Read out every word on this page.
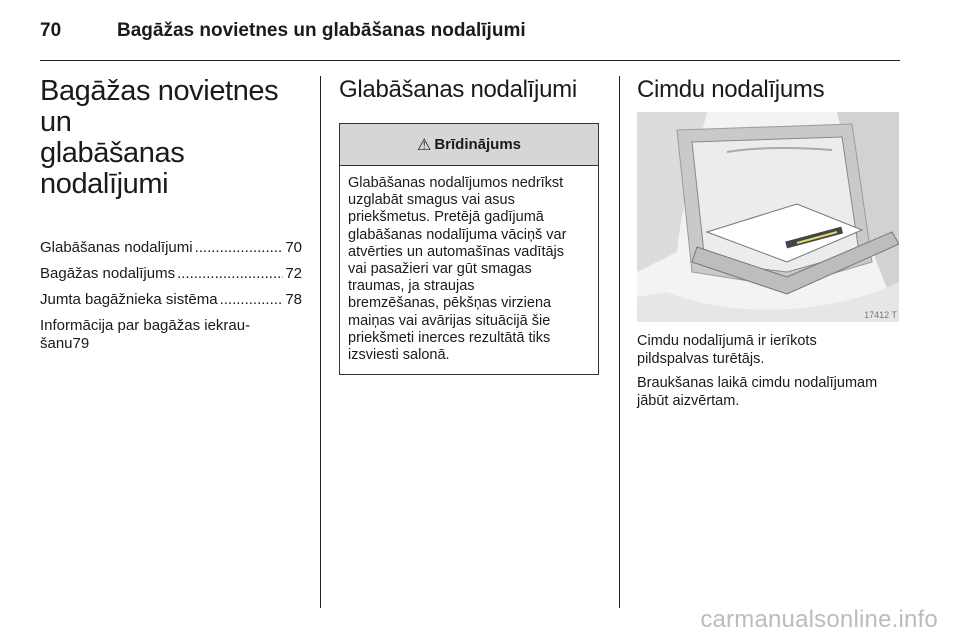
70	Bagāžas novietnes un glabāšanas nodalījumi
Bagāžas novietnes un
glabāšanas nodalījumi
Glabāšanas nodalījumi .....	70
Bagāžas nodalījums .....	72
Jumta bagāžnieka sistēma .....	78
Informācija par bagāžas iekrau-
šanu 79
Glabāšanas nodalījumi
⚠ Brīdinājums
Glabāšanas nodalījumos nedrīkst
uzglabāt smagus vai asus
priekšmetus. Pretējā gadījumā
glabāšanas nodalījuma vāciņš var
atvērties un automašīnas vadītājs
vai pasažieri var gūt smagas
traumas, ja straujas
bremzēšanas, pēkšņas virziena
maiņas vai avārijas situācijā šie
priekšmeti inerces rezultātā tiks
izsviesti salonā.
Cimdu nodalījums
17412 T

Cimdu nodalījumā ir ierīkots
pildspalvas turētājs.

Braukšanas laikā cimdu nodalījumam
jābūt aizvērtam.

carmanualsonline.info
